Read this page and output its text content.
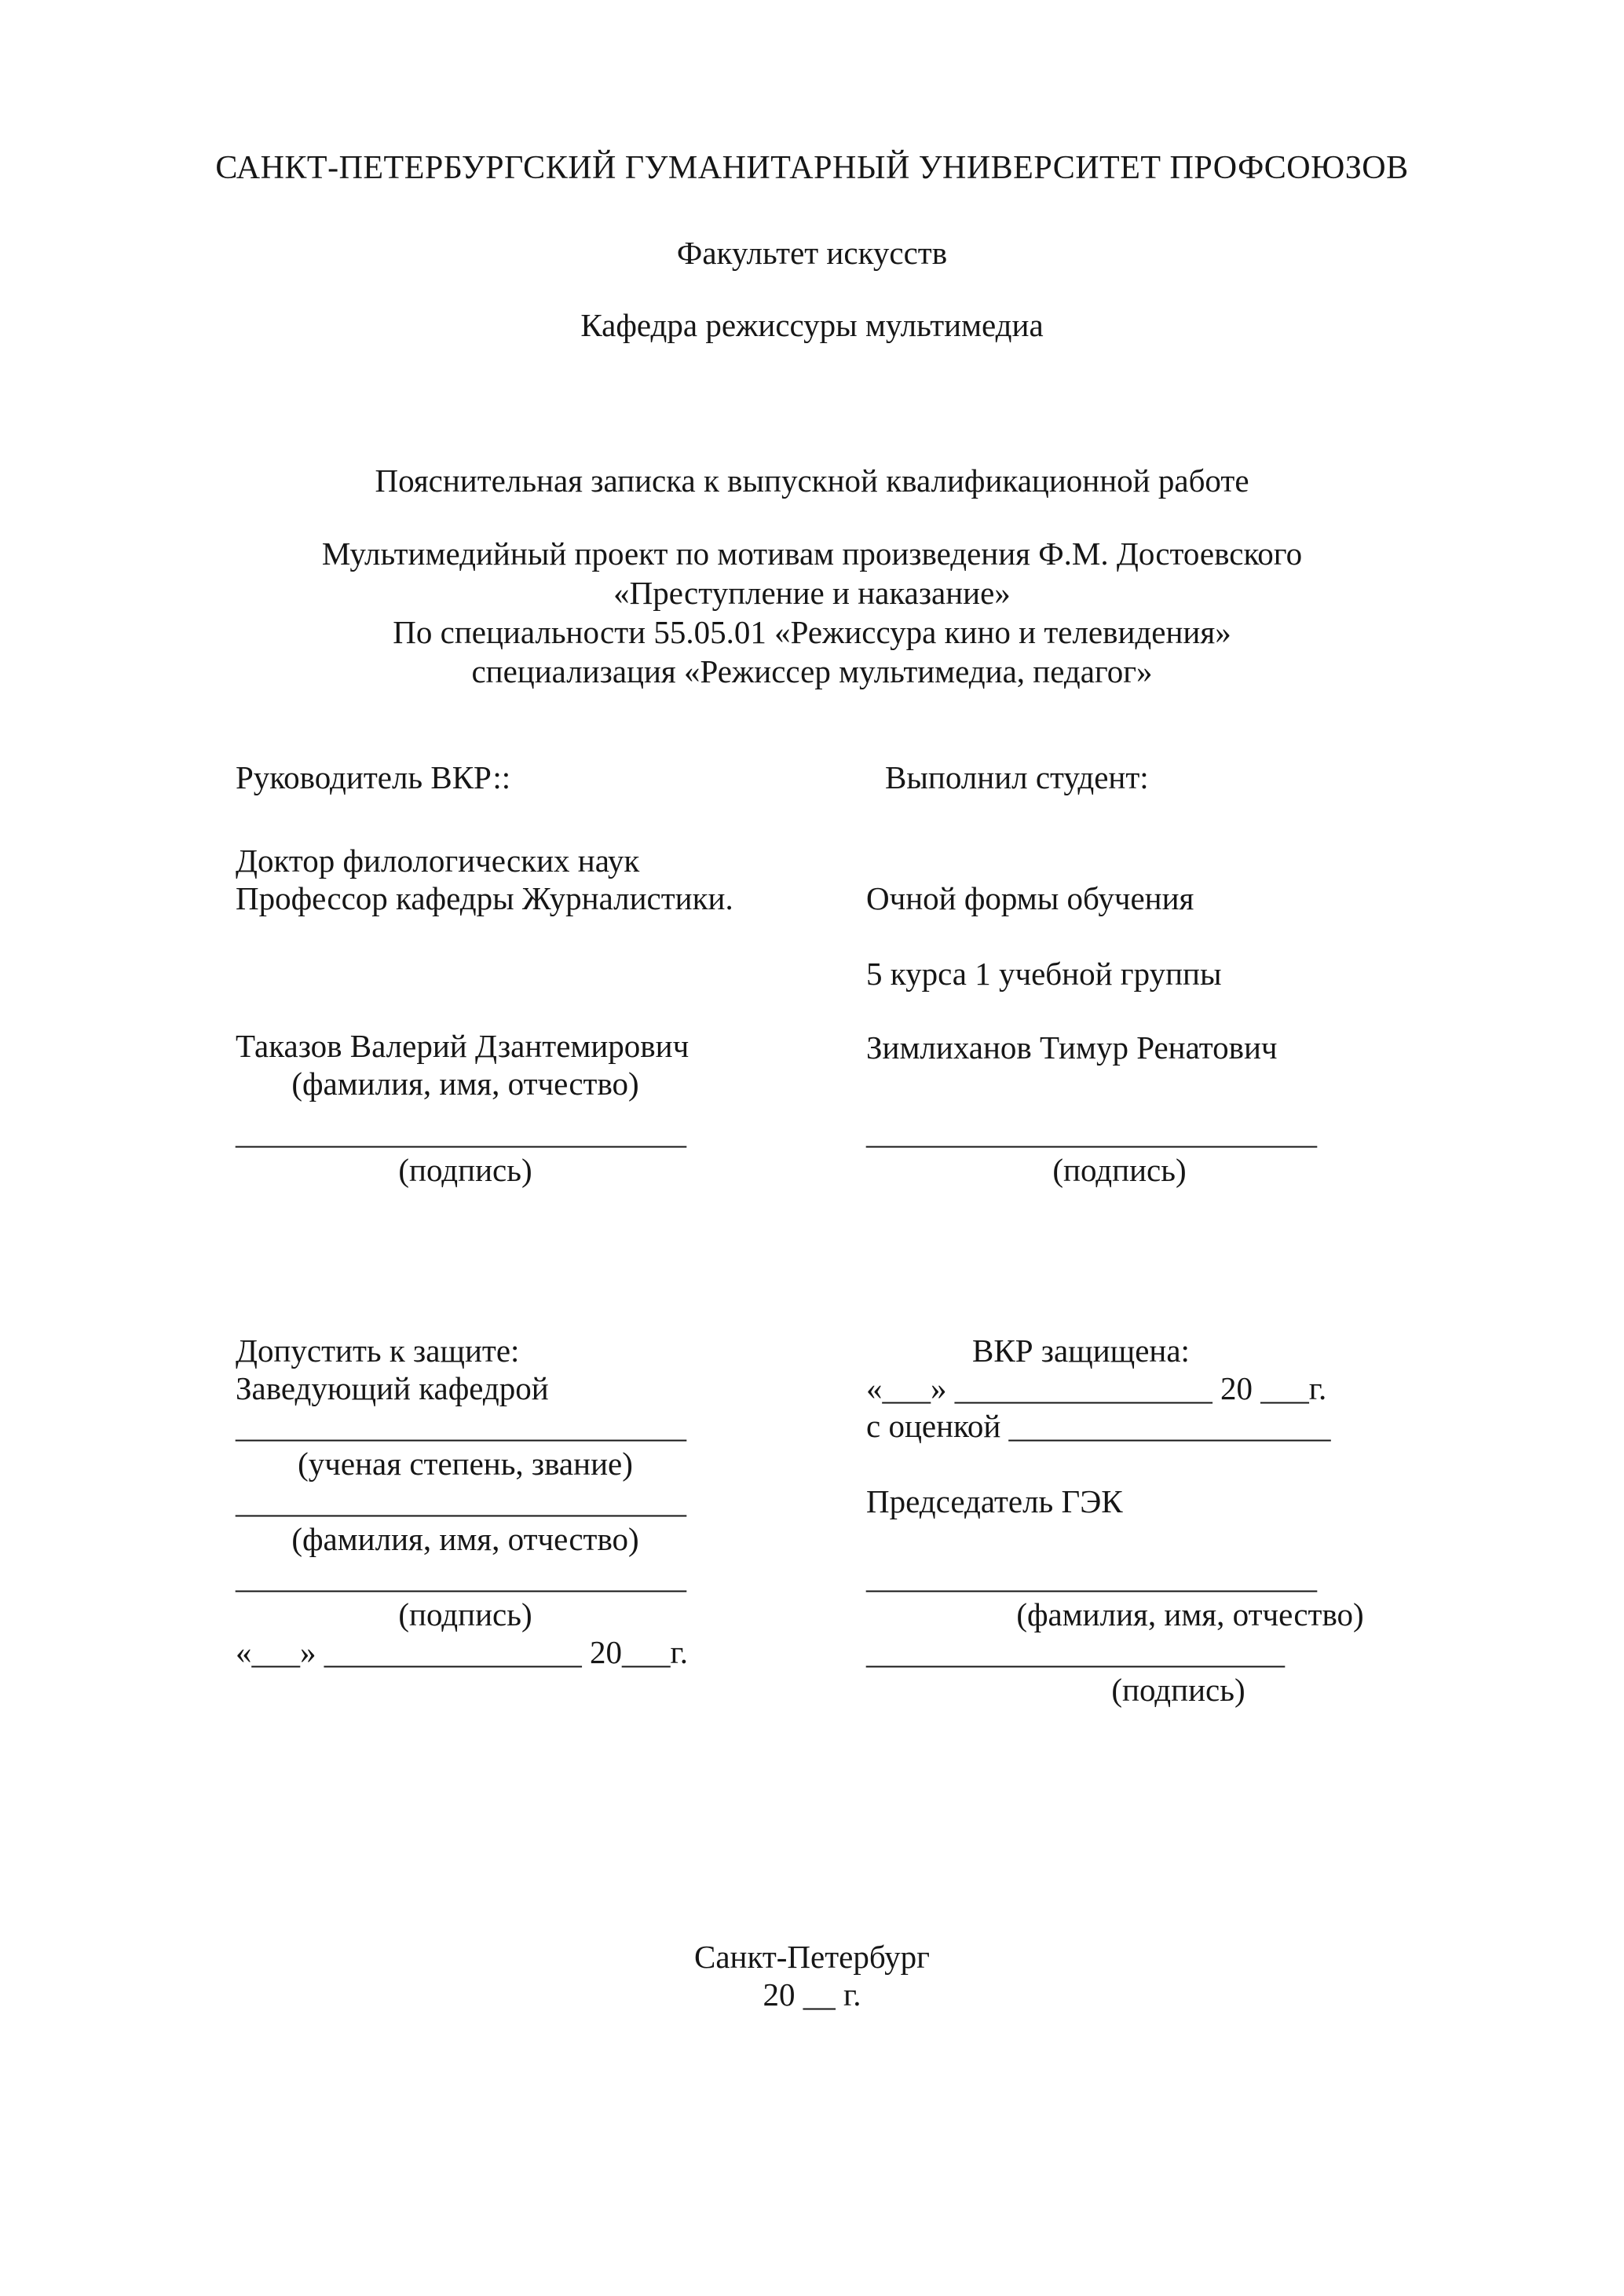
САНКТ-ПЕТЕРБУРГСКИЙ ГУМАНИТАРНЫЙ УНИВЕРСИТЕТ ПРОФСОЮЗОВ
Факультет искусств
Кафедра режиссуры мультимедиа
Пояснительная записка к выпускной квалификационной работе
Мультимедийный проект по мотивам произведения Ф.М. Достоевского
«Преступление и наказание»
По специальности 55.05.01 «Режиссура кино и телевидения»
специализация «Режиссер мультимедиа, педагог»
Руководитель ВКР::
Доктор филологических наук
Профессор кафедры Журналистики.
Таказов Валерий Дзантемирович
(фамилия, имя, отчество)
____________________________
(подпись)
Выполнил студент:
Очной формы обучения
5 курса 1 учебной группы
Зимлиханов Тимур Ренатович
____________________________
(подпись)
Допустить к защите:
Заведующий кафедрой
____________________________
(ученая степень, звание)
____________________________
(фамилия, имя, отчество)
____________________________
(подпись)
«___» ________________ 20___г.
ВКР защищена:
«___» ________________ 20 ___г.
с оценкой ____________________
Председатель ГЭК
____________________________
(фамилия, имя, отчество)
__________________________
(подпись)
Санкт-Петербург
20 __ г.
